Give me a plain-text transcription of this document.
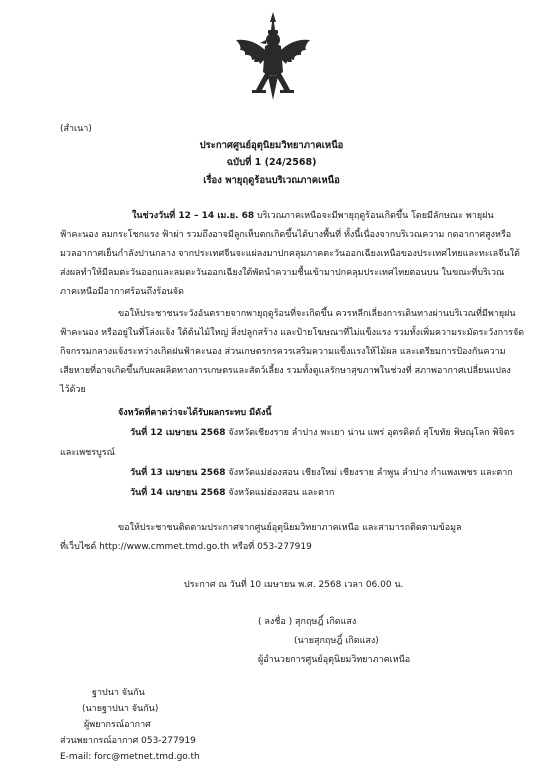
(สำเนา)
ประกาศศูนย์อุตุนิยมวิทยาภาคเหนือ
ฉบับที่ 1 (24/2568)
เรื่อง พายุฤดูร้อนบริเวณภาคเหนือ
ในช่วงวันที่ 12 – 14 เม.ย. 68 บริเวณภาคเหนือจะมีพายุฤดูร้อนเกิดขึ้น โดยมีลักษณะ พายุฝน
ฟ้าคะนอง ลมกระโชกแรง ฟ้าผ่า รวมถึงอาจมีลูกเห็บตกเกิดขึ้นได้บางพื้นที่ ทั้งนี้เนื่องจากบริเวณความ กดอากาศสูงหรือ
มวลอากาศเย็นกำลังปานกลาง จากประเทศจีนจะแผ่ลงมาปกคลุมภาคตะวันออกเฉียงเหนือของประเทศไทยและทะเลจีนใต้
ส่งผลทำให้มีลมตะวันออกและลมตะวันออกเฉียงใต้พัดนำความชื้นเข้ามาปกคลุมประเทศไทยตอนบน ในขณะที่บริเวณ
ภาคเหนือมีอากาศร้อนถึงร้อนจัด
ขอให้ประชาชนระวังอันตรายจากพายุฤดูร้อนที่จะเกิดขึ้น ควรหลีกเลี่ยงการเดินทางผ่านบริเวณที่มีพายุฝน
ฟ้าคะนอง หรืออยู่ในที่โล่งแจ้ง ใต้ต้นไม้ใหญ่ สิ่งปลูกสร้าง และป้ายโฆษณาที่ไม่แข็งแรง รวมทั้งเพิ่มความระมัดระวังการจัด
กิจกรรมกลางแจ้งระหว่างเกิดฝนฟ้าคะนอง ส่วนเกษตรกรควรเสริมความแข็งแรงให้ไม้ผล และเตรียมการป้องกันความ
เสียหายที่อาจเกิดขึ้นกับผลผลิตทางการเกษตรและสัตว์เลี้ยง รวมทั้งดูแลรักษาสุขภาพในช่วงที่ สภาพอากาศเปลี่ยนแปลง
ไว้ด้วย
จังหวัดที่คาดว่าจะได้รับผลกระทบ มีดังนี้
วันที่ 12 เมษายน 2568 จังหวัดเชียงราย ลำปาง พะเยา น่าน แพร่ อุตรดิตถ์ สุโขทัย พิษณุโลก พิจิตร
และเพชรบูรณ์
วันที่ 13 เมษายน 2568 จังหวัดแม่ฮ่องสอน เชียงใหม่ เชียงราย ลำพูน ลำปาง กำแพงเพชร และตาก
วันที่ 14 เมษายน 2568 จังหวัดแม่ฮ่องสอน และตาก
ขอให้ประชาชนติดตามประกาศจากศูนย์อุตุนิยมวิทยาภาคเหนือ และสามารถติดตามข้อมูล
ที่เว็บไซต์ http://www.cmmet.tmd.go.th หรือที่ 053-277919
ประกาศ ณ วันที่ 10 เมษายน พ.ศ. 2568 เวลา 06.00 น.
( ลงชื่อ ) สุกฤษฎิ์ เกิดแสง
(นายสุกฤษฎิ์ เกิดแสง)
ผู้อำนวยการศูนย์อุตุนิยมวิทยาภาคเหนือ
ฐาปนา จันกัน
(นายฐาปนา จันกัน)
ผู้พยากรณ์อากาศ
ส่วนพยากรณ์อากาศ 053-277919
E-mail: forc@metnet.tmd.go.th
